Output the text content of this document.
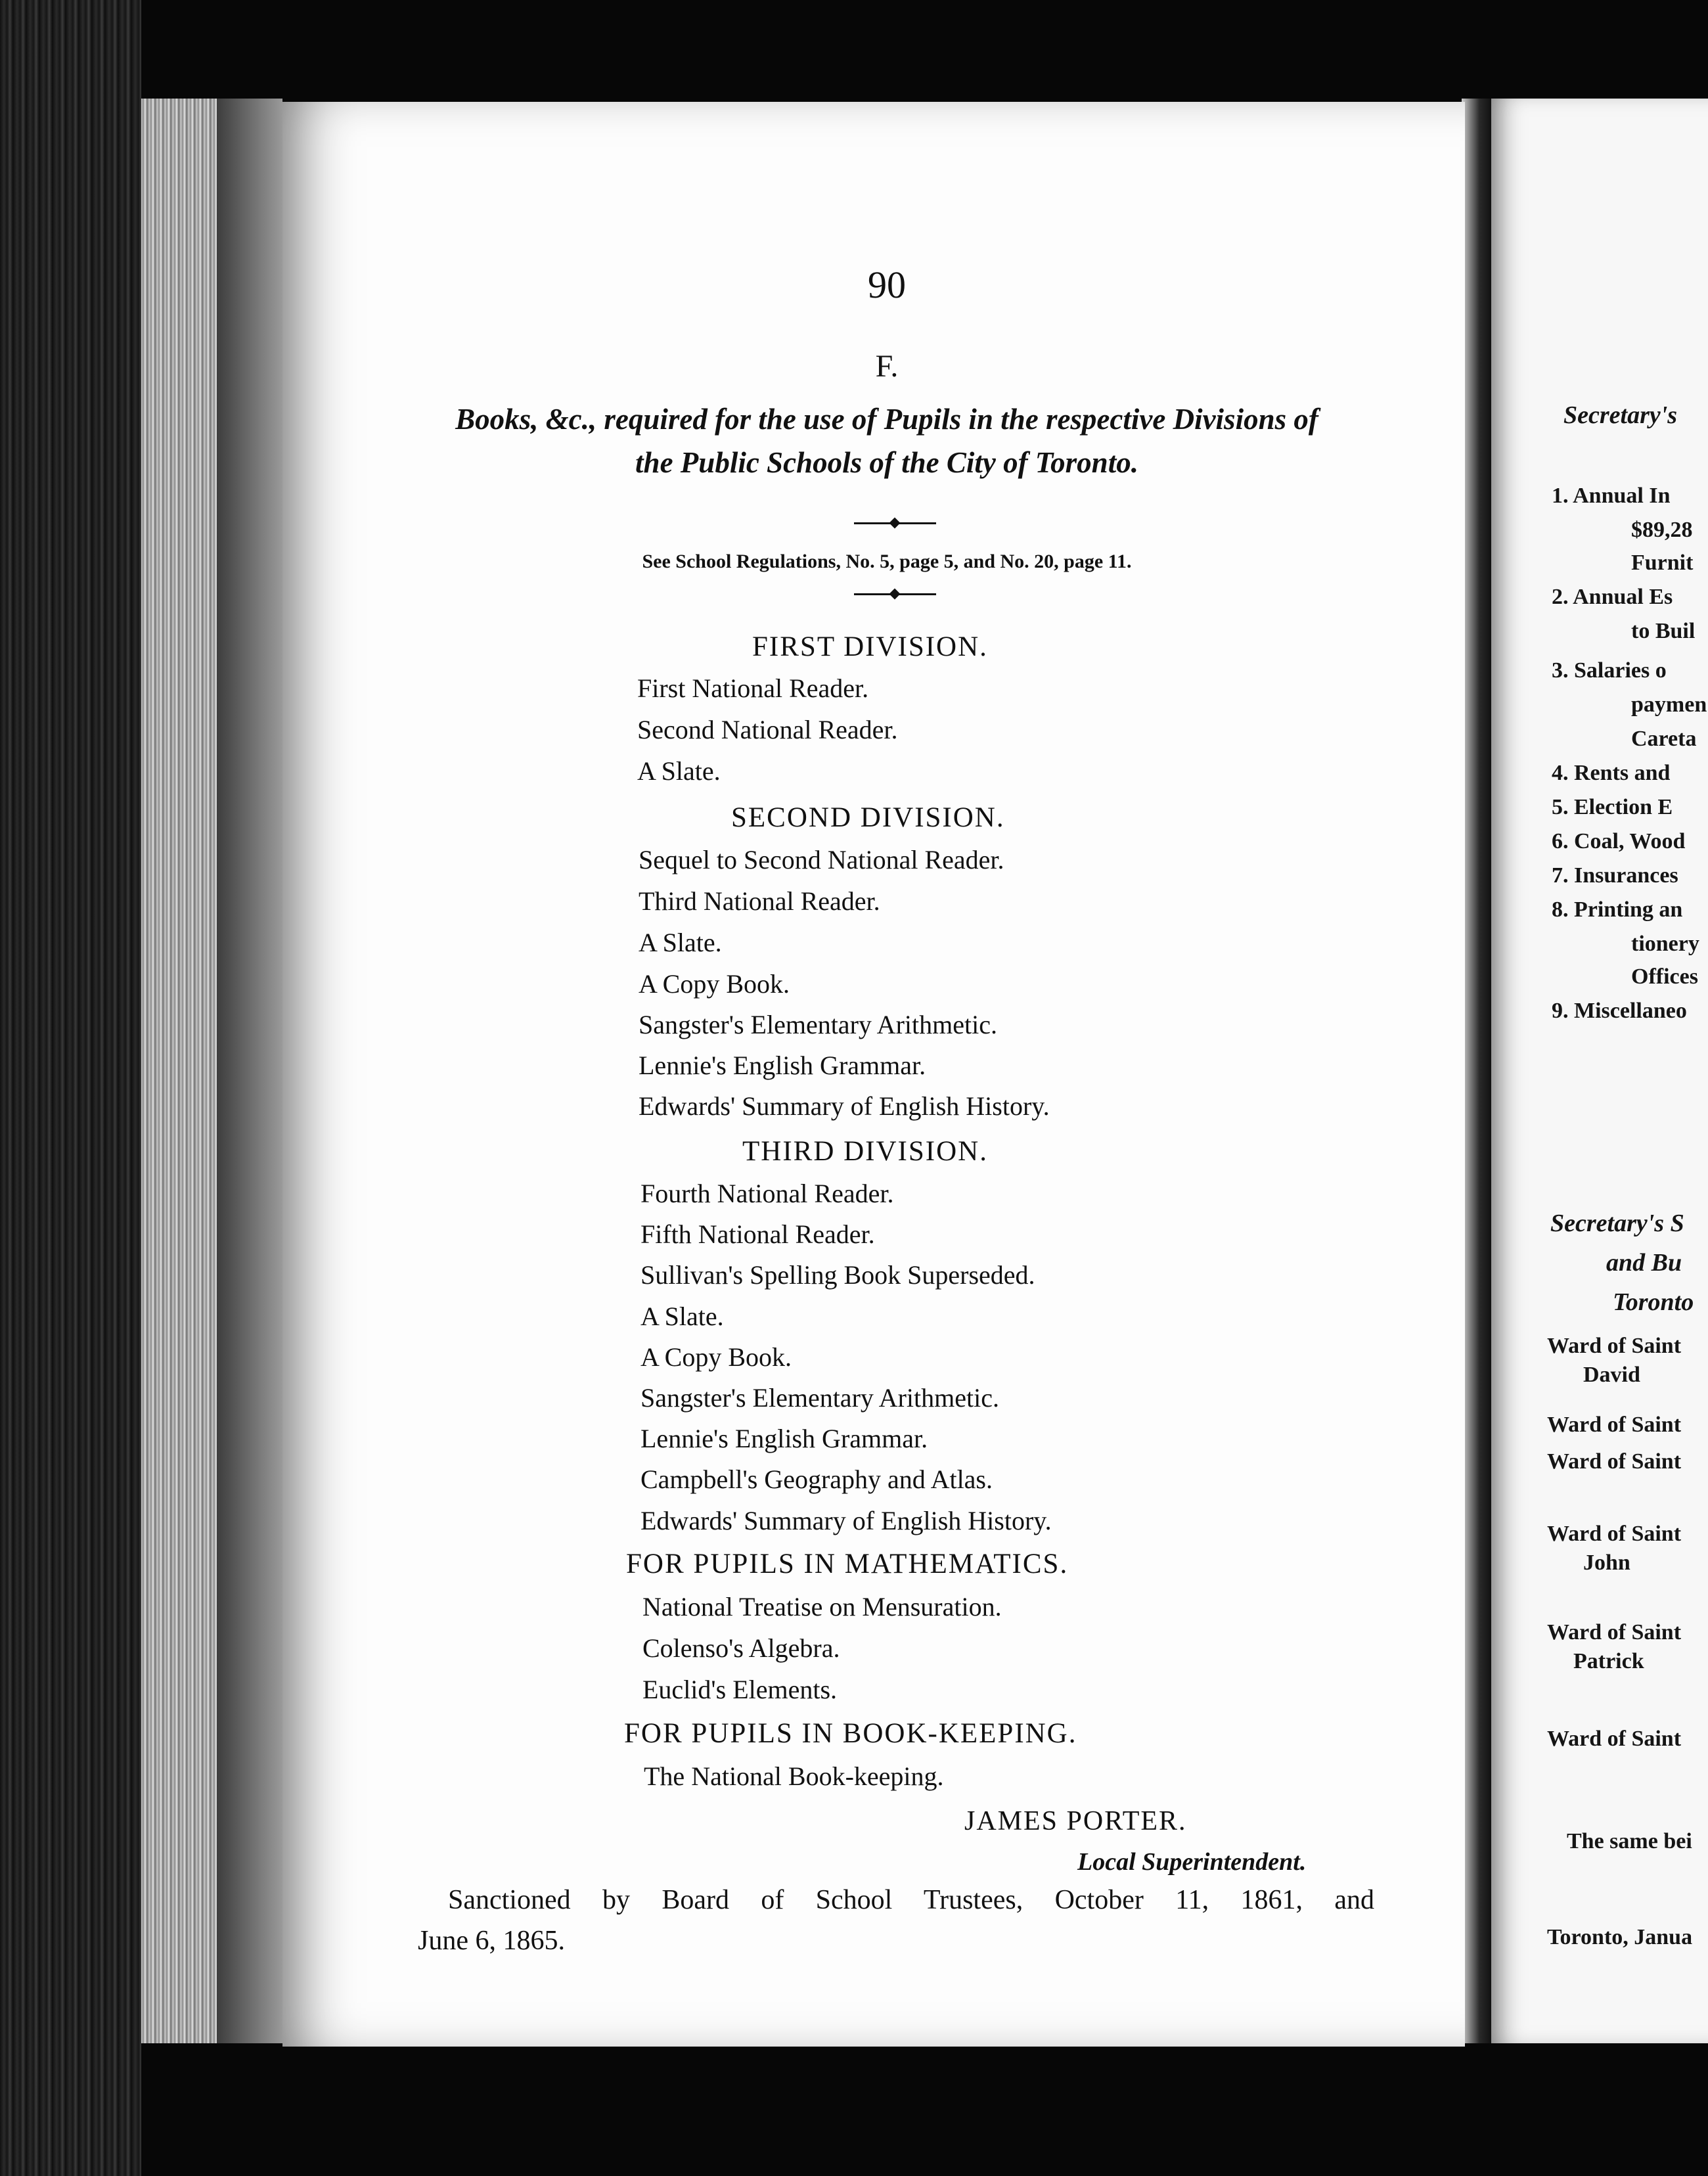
90
F.
Books, &c., required for the use of Pupils in the respective Divisions of
the Public Schools of the City of Toronto.
See School Regulations, No. 5, page 5, and No. 20, page 11.
FIRST DIVISION.
First National Reader.
Second National Reader.
A Slate.
SECOND DIVISION.
Sequel to Second National Reader.
Third National Reader.
A Slate.
A Copy Book.
Sangster's Elementary Arithmetic.
Lennie's English Grammar.
Edwards' Summary of English History.
THIRD DIVISION.
Fourth National Reader.
Fifth National Reader.
Sullivan's Spelling Book Superseded.
A Slate.
A Copy Book.
Sangster's Elementary Arithmetic.
Lennie's English Grammar.
Campbell's Geography and Atlas.
Edwards' Summary of English History.
FOR PUPILS IN MATHEMATICS.
National Treatise on Mensuration.
Colenso's Algebra.
Euclid's Elements.
FOR PUPILS IN BOOK-KEEPING.
The National Book-keeping.
JAMES PORTER.
Local Superintendent.
Sanctioned by Board of School Trustees, October 11, 1861, and
June 6, 1865.
Secretary's
1. Annual In
$89,28
Furnit
2. Annual Es
to Buil
3. Salaries o
paymen
Careta
4. Rents and
5. Election E
6. Coal, Wood
7. Insurances
8. Printing an
tionery
Offices
9. Miscellaneo
Secretary's S
and Bu
Toronto
Ward of Saint
David
Ward of Saint
Ward of Saint
Ward of Saint
John
Ward of Saint
Patrick
Ward of Saint
The same bei
Toronto, Janua
